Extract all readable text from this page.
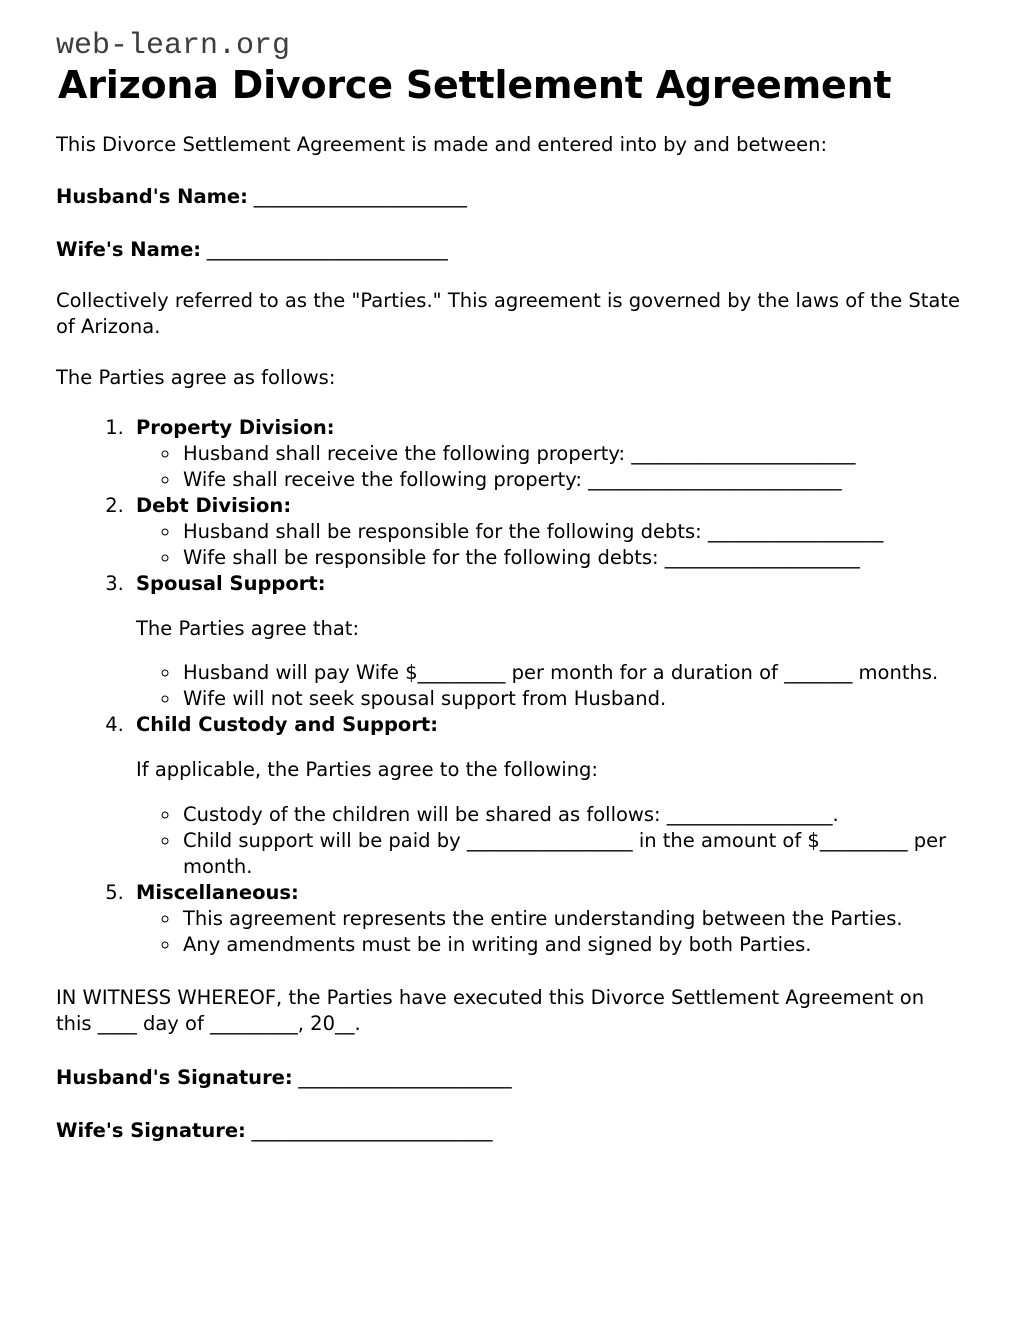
web-learn.org
Arizona Divorce Settlement Agreement

This Divorce Settlement Agreement is made and entered into by and between:

Husband's Name: _______________________

Wife's Name: __________________________

Collectively referred to as the "Parties." This agreement is governed by the laws of the State of Arizona.

The Parties agree as follows:

1. Property Division:
◦ Husband shall receive the following property: _______________________
◦ Wife shall receive the following property: __________________________
2. Debt Division:
◦ Husband shall be responsible for the following debts: __________________
◦ Wife shall be responsible for the following debts: ____________________
3. Spousal Support:

The Parties agree that:

◦ Husband will pay Wife $_________ per month for a duration of _______ months.
◦ Wife will not seek spousal support from Husband.
4. Child Custody and Support:

If applicable, the Parties agree to the following:

◦ Custody of the children will be shared as follows: _________________.
◦ Child support will be paid by _________________ in the amount of $_________ per month.
5. Miscellaneous:
◦ This agreement represents the entire understanding between the Parties.
◦ Any amendments must be in writing and signed by both Parties.

IN WITNESS WHEREOF, the Parties have executed this Divorce Settlement Agreement on this ____ day of _________, 20__.

Husband's Signature: _______________________

Wife's Signature: __________________________
